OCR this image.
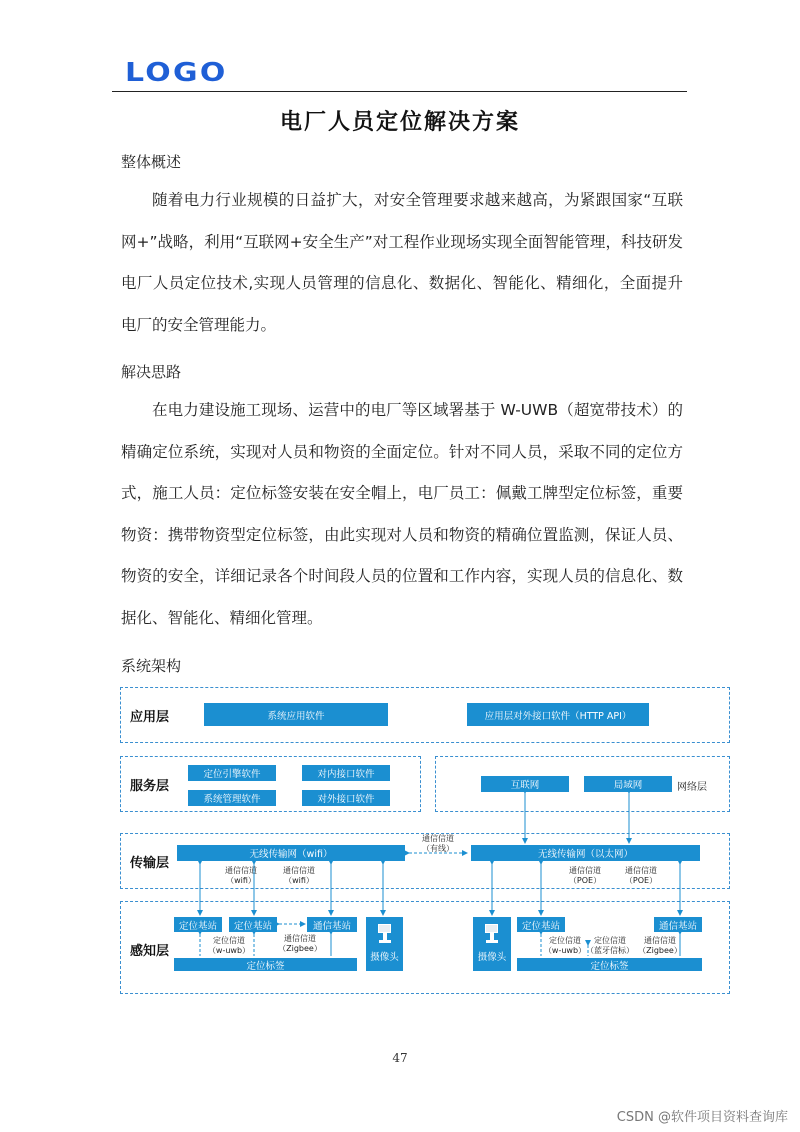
LOGO
电厂人员定位解决方案
整体概述

随着电力行业规模的日益扩大，对安全管理要求越来越高，为紧跟国家“互联网+”战略，利用“互联网+安全生产”对工程作业现场实现全面智能管理，科技研发电厂人员定位技术,实现人员管理的信息化、数据化、智能化、精细化，全面提升电厂的安全管理能力。

解决思路

在电力建设施工现场、运营中的电厂等区域署基于 W-UWB（超宽带技术）的精确定位系统，实现对人员和物资的全面定位。针对不同人员，采取不同的定位方式，施工人员：定位标签安装在安全帽上，电厂员工：佩戴工牌型定位标签，重要物资：携带物资型定位标签，由此实现对人员和物资的精确位置监测，保证人员、物资的安全，详细记录各个时间段人员的位置和工作内容，实现人员的信息化、数据化、智能化、精细化管理。

系统架构
应用层	系统应用软件	应用层对外接口软件（HTTP API）
服务层
定位引擎软件	对内接口软件
系统管理软件	对外接口软件
互联网	局域网	网络层
传输层
无线传输网（wifi）	无线传输网（以太网）
通信信道
（有线）
通信信道
（wifi）
通信信道
（wifi）
通信信道
（POE）
通信信道
（POE）
感知层
定位基站	定位基站	通信基站
定位信道
（w-uwb）
通信信道
（Zigbee）
定位标签
摄像头	摄像头
定位基站	通信基站
定位信道
（w-uwb）
定位信道
（蓝牙信标）
通信信道
（Zigbee）
定位标签
47
CSDN @软件项目资料查询库
